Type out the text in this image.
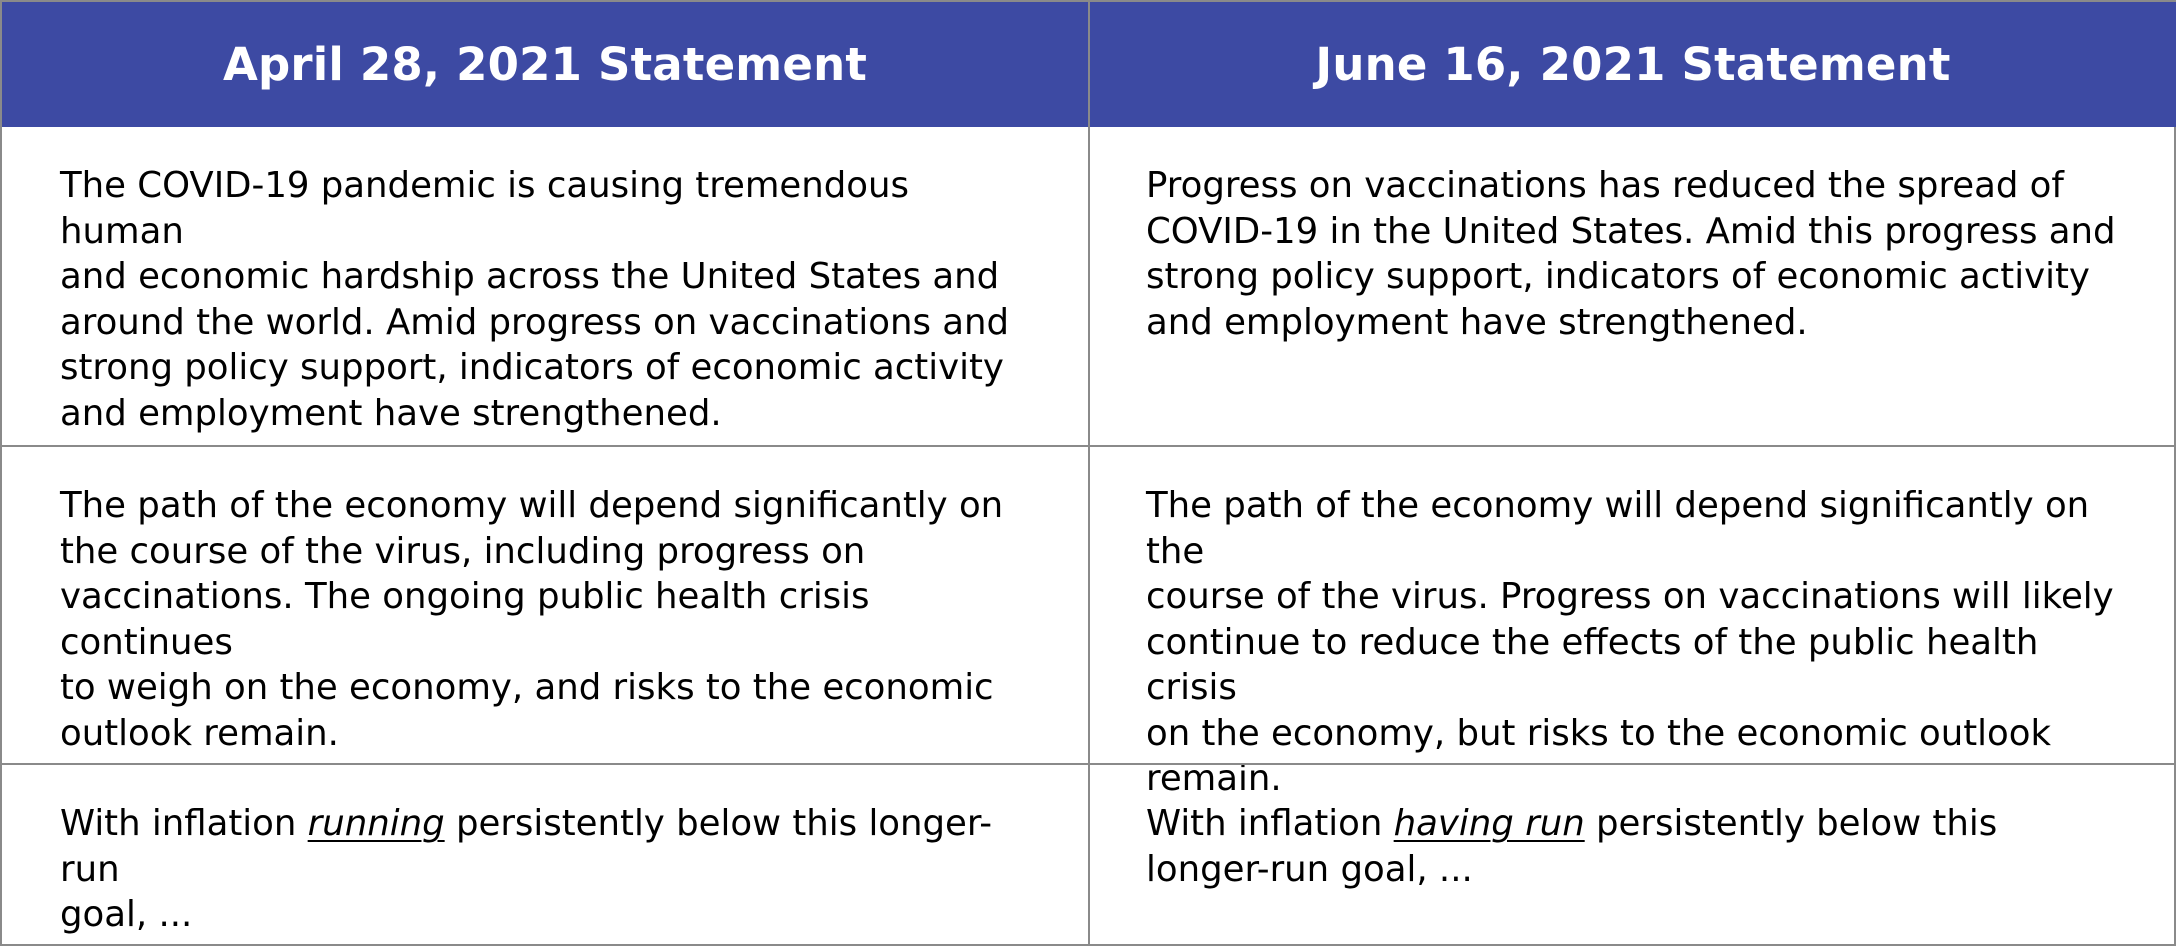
April 28, 2021 Statement	June 16, 2021 Statement
The COVID-19 pandemic is causing tremendous human
and economic hardship across the United States and
around the world. Amid progress on vaccinations and
strong policy support, indicators of economic activity
and employment have strengthened.
Progress on vaccinations has reduced the spread of
COVID-19 in the United States. Amid this progress and
strong policy support, indicators of economic activity
and employment have strengthened.
The path of the economy will depend significantly on
the course of the virus, including progress on
vaccinations. The ongoing public health crisis continues
to weigh on the economy, and risks to the economic
outlook remain.
The path of the economy will depend significantly on the
course of the virus. Progress on vaccinations will likely
continue to reduce the effects of the public health crisis
on the economy, but risks to the economic outlook
remain.
With inflation running persistently below this longer-run
goal, ...
With inflation having run persistently below this
longer-run goal, ...
